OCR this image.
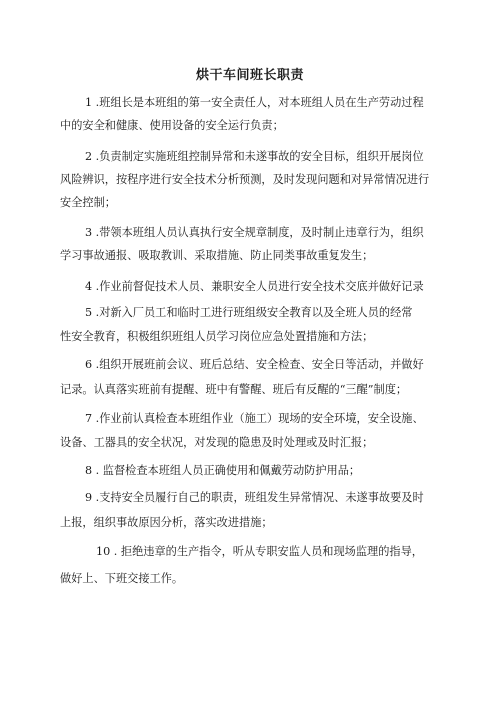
烘干车间班长职责
1 .班组长是本班组的第一安全责任人，对本班组人员在生产劳动过程
中的安全和健康、使用设备的安全运行负责；
2 .负责制定实施班组控制异常和未遂事故的安全目标，组织开展岗位
风险辨识，按程序进行安全技术分析预测，及时发现问题和对异常情况进行
安全控制；
3 .带领本班组人员认真执行安全规章制度，及时制止违章行为，组织
学习事故通报、吸取教训、采取措施、防止同类事故重复发生；
4 .作业前督促技术人员、兼职安全人员进行安全技术交底并做好记录
5 .对新入厂员工和临时工进行班组级安全教育以及全班人员的经常
性安全教育，积极组织班组人员学习岗位应急处置措施和方法；
6 .组织开展班前会议、班后总结、安全检查、安全日等活动，并做好
记录。认真落实班前有提醒、班中有警醒、班后有反醒的“三醒”制度；
7 .作业前认真检查本班组作业（施工）现场的安全环境，安全设施、
设备、工器具的安全状况，对发现的隐患及时处理或及时汇报；
8 . 监督检查本班组人员正确使用和佩戴劳动防护用品；
9 .支持安全员履行自己的职责，班组发生异常情况、未遂事故要及时
上报，组织事故原因分析，落实改进措施；
10 . 拒绝违章的生产指令，听从专职安监人员和现场监理的指导，
做好上、下班交接工作。
